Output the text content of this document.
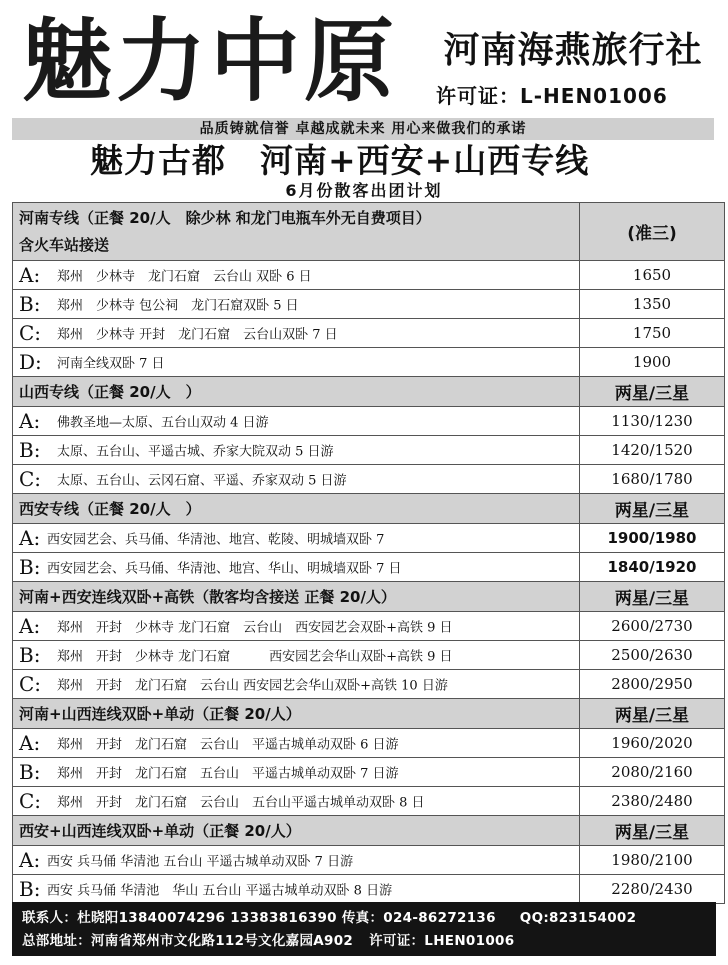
魅力中原	河南海燕旅行社
许可证：L-HEN01006
品质铸就信誉 卓越成就未来 用心来做我们的承诺
魅力古都 河南+西安+山西专线
6月份散客出团计划
河南专线（正餐 20/人　除少林 和龙门电瓶车外无自费项目）
含火车站接送	(准三)
A: 郑州　少林寺　龙门石窟　云台山 双卧 6 日	1650
B: 郑州　少林寺 包公祠　龙门石窟双卧 5 日	1350
C: 郑州　少林寺 开封　龙门石窟　云台山双卧 7 日	1750
D: 河南全线双卧 7 日	1900
山西专线（正餐 20/人　）	两星/三星
A: 佛教圣地—太原、五台山双动 4 日游	1130/1230
B: 太原、五台山、平遥古城、乔家大院双动 5 日游	1420/1520
C: 太原、五台山、云冈石窟、平遥、乔家双动 5 日游	1680/1780
西安专线（正餐 20/人　）	两星/三星
A: 西安园艺会、兵马俑、华清池、地宫、乾陵、明城墙双卧 7	1900/1980
B: 西安园艺会、兵马俑、华清池、地宫、华山、明城墙双卧 7 日	1840/1920
河南+西安连线双卧+高铁（散客均含接送 正餐 20/人）	两星/三星
A: 郑州　开封　少林寺 龙门石窟　云台山　西安园艺会双卧+高铁 9 日	2600/2730
B: 郑州　开封　少林寺 龙门石窟　　　西安园艺会华山双卧+高铁 9 日	2500/2630
C: 郑州　开封　龙门石窟　云台山 西安园艺会华山双卧+高铁 10 日游	2800/2950
河南+山西连线双卧+单动（正餐 20/人）	两星/三星
A: 郑州　开封　龙门石窟　云台山　平遥古城单动双卧 6 日游	1960/2020
B: 郑州　开封　龙门石窟　五台山　平遥古城单动双卧 7 日游	2080/2160
C: 郑州　开封　龙门石窟　云台山　五台山平遥古城单动双卧 8 日	2380/2480
西安+山西连线双卧+单动（正餐 20/人）	两星/三星
A: 西安 兵马俑 华清池 五台山 平遥古城单动双卧 7 日游	1980/2100
B: 西安 兵马俑 华清池　华山 五台山 平遥古城单动双卧 8 日游	2280/2430
联系人：杜晓阳13840074296 13383816390 传真：024-86272136 QQ:823154002
总部地址：河南省郑州市文化路112号文化嘉园A902 许可证：LHEN01006
